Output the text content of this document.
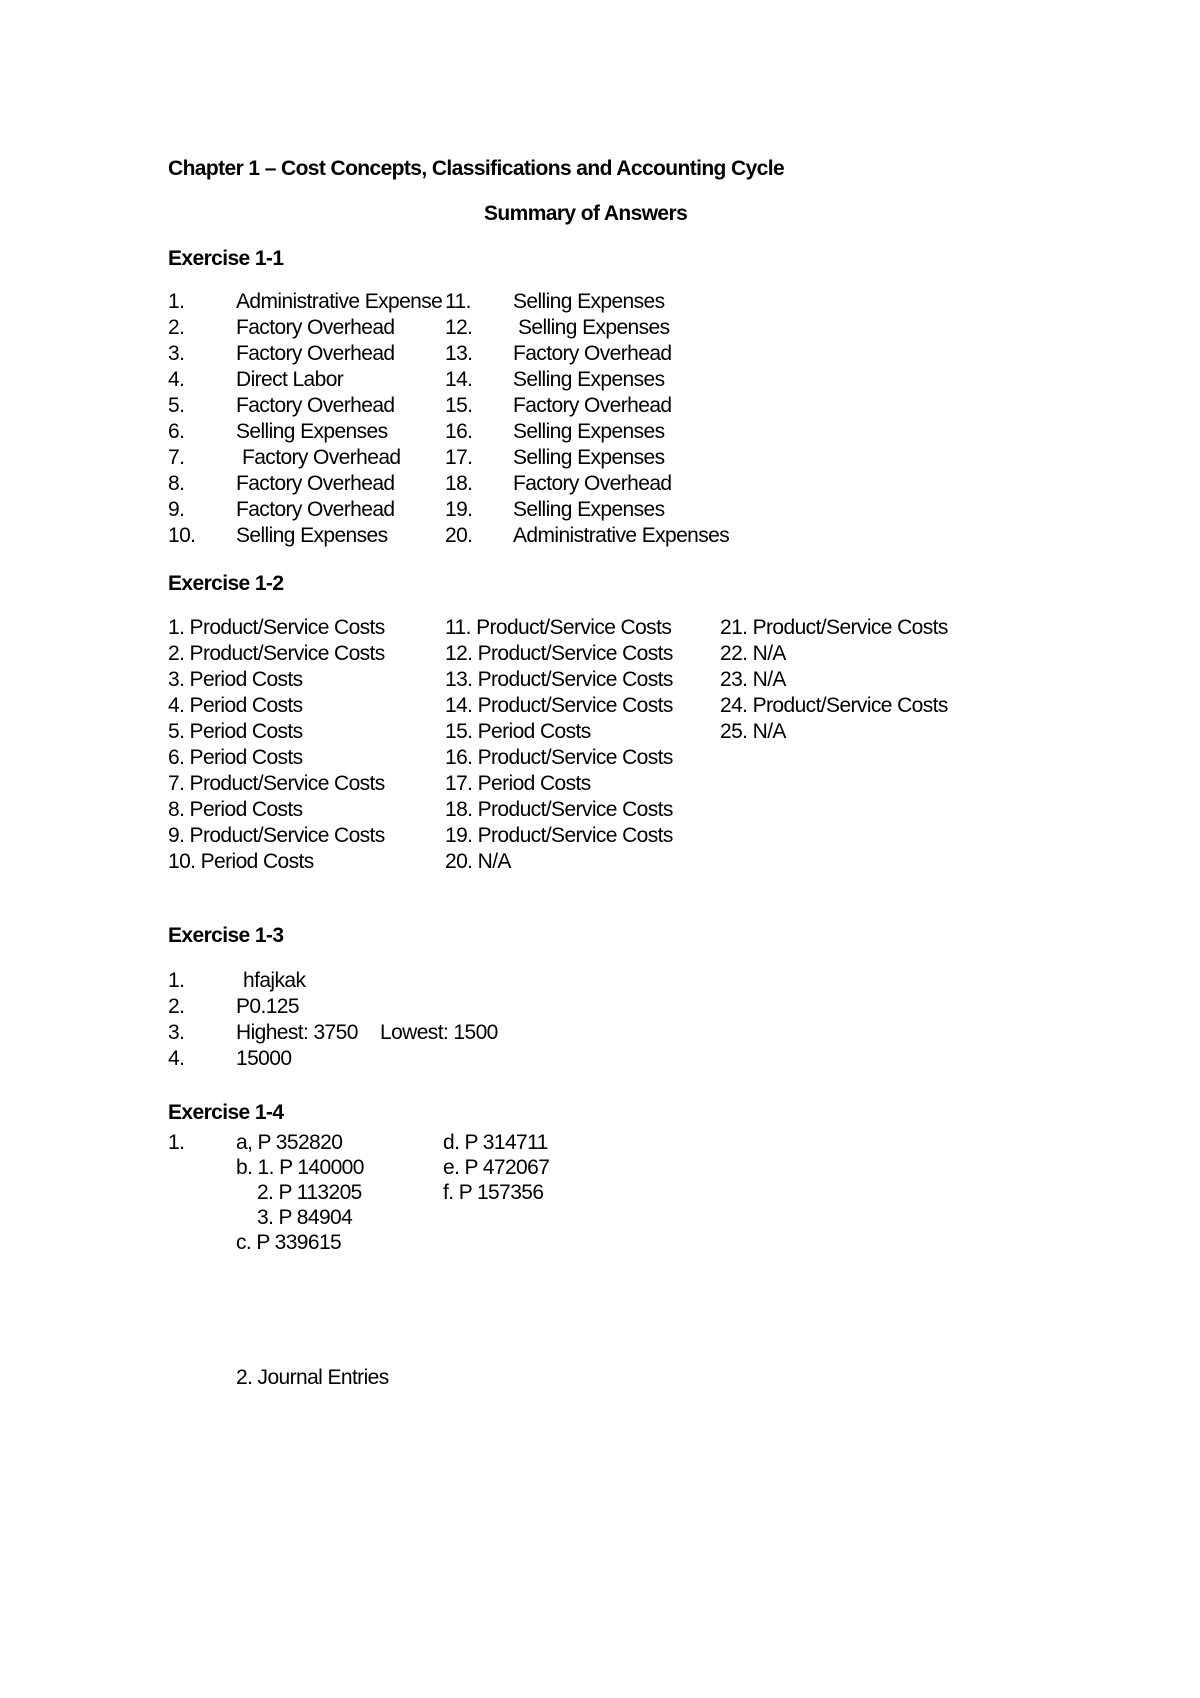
Chapter 1 – Cost Concepts, Classifications and Accounting Cycle
Summary of Answers
Exercise 1-1
1. Administrative Expense
2. Factory Overhead
3. Factory Overhead
4. Direct Labor
5. Factory Overhead
6. Selling Expenses
7.	Factory Overhead
8. Factory Overhead
9. Factory Overhead
10. Selling Expenses
11. Selling Expenses
12. Selling Expenses
13. Factory Overhead
14. Selling Expenses
15. Factory Overhead
16. Selling Expenses
17. Selling Expenses
18. Factory Overhead
19. Selling Expenses
20. Administrative Expenses
Exercise 1-2
1. Product/Service Costs
2. Product/Service Costs
3. Period Costs
4. Period Costs
5. Period Costs
6. Period Costs
7. Product/Service Costs
8. Period Costs
9. Product/Service Costs
10. Period Costs
11. Product/Service Costs
12. Product/Service Costs
13. Product/Service Costs
14. Product/Service Costs
15. Period Costs
16. Product/Service Costs
17. Period Costs
18. Product/Service Costs
19. Product/Service Costs
20. N/A
21. Product/Service Costs
22. N/A
23. N/A
24. Product/Service Costs
25. N/A
Exercise 1-3
1.	hfajkak
2. P0.125
3. Highest: 3750 Lowest: 1500
4. 15000
Exercise 1-4
1. a, P 352820
b. 1. P 140000
2. P 113205
3. P 84904
c. P 339615
d. P 314711
e. P 472067
f. P 157356
2. Journal Entries
